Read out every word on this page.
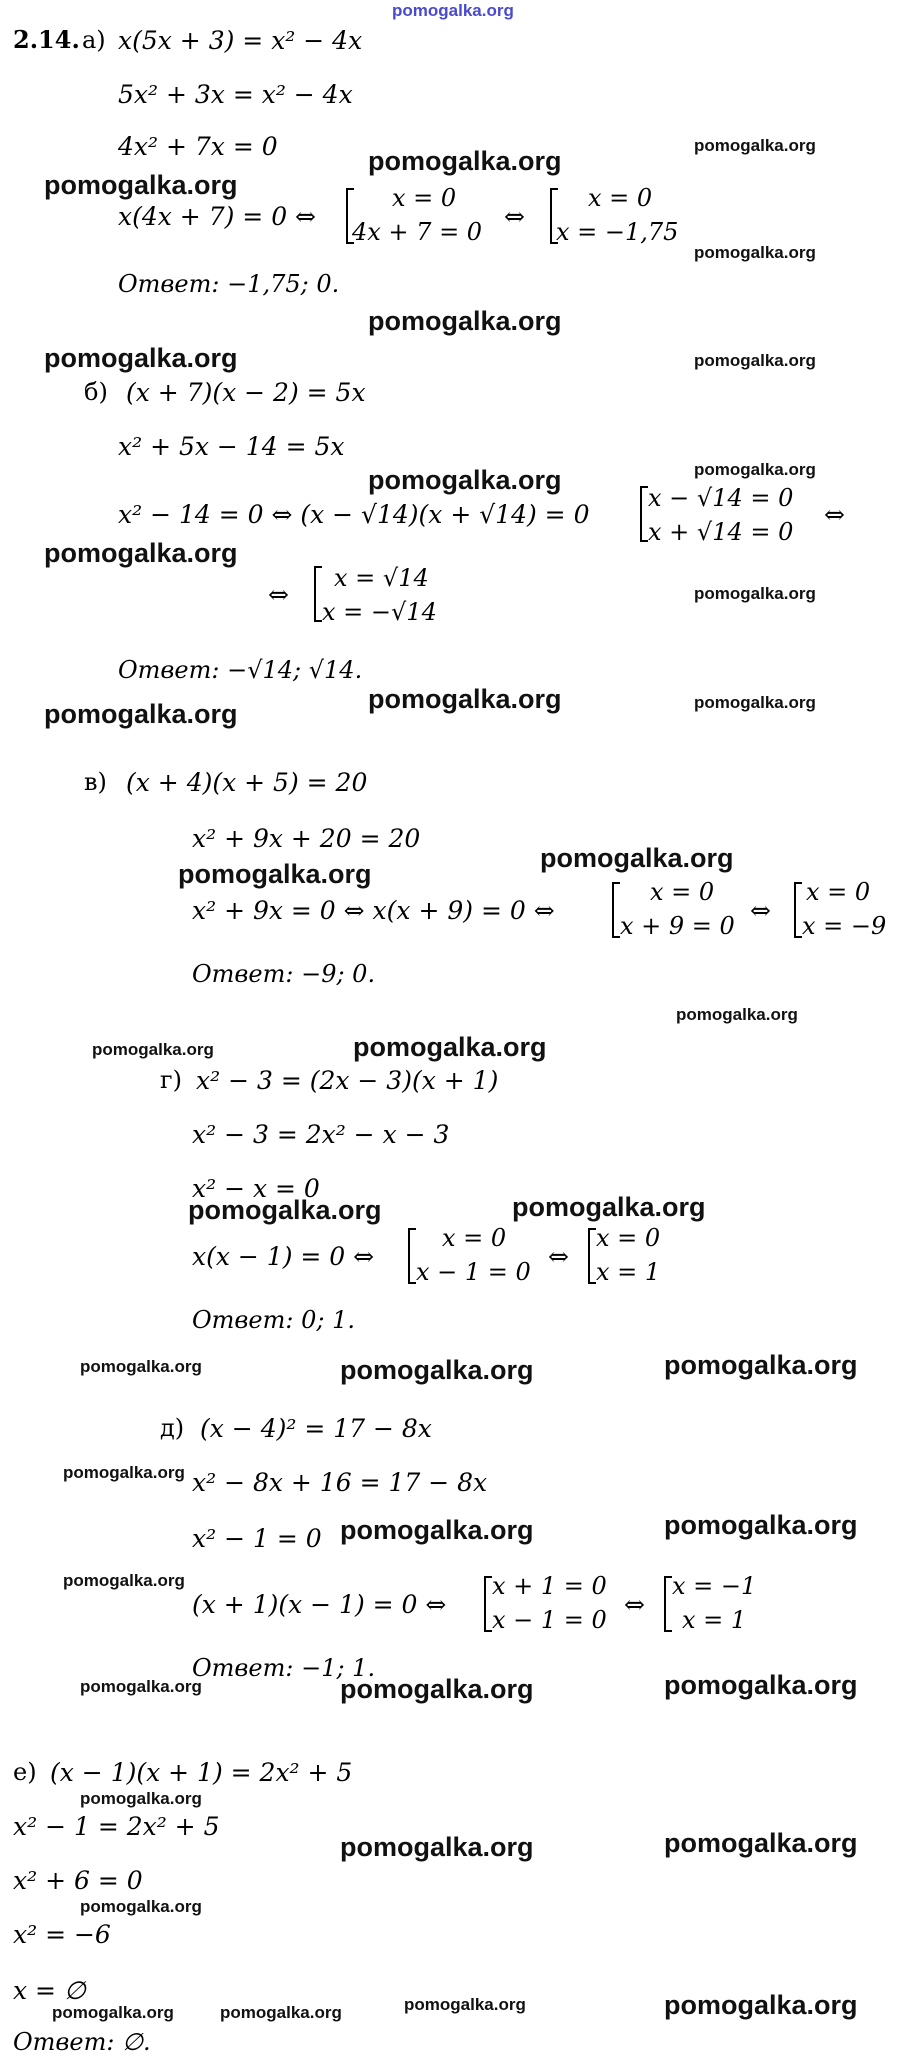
pomogalka.org
pomogalka.org
pomogalka.org
pomogalka.org
pomogalka.org
pomogalka.org
pomogalka.org	pomogalka.org
pomogalka.org	pomogalka.org
pomogalka.org
pomogalka.org
pomogalka.org
pomogalka.org	pomogalka.org
pomogalka.org
pomogalka.org
pomogalka.org
pomogalka.org
pomogalka.org
pomogalka.org	pomogalka.org
pomogalka.org	pomogalka.org	pomogalka.org
pomogalka.org
pomogalka.org	pomogalka.org
pomogalka.org
pomogalka.org	pomogalka.org	pomogalka.org
pomogalka.org
pomogalka.org	pomogalka.org
pomogalka.org
pomogalka.org	pomogalka.org	pomogalka.org	pomogalka.org
2.14. а) x(5x + 3) = x² − 4x
5x² + 3x = x² − 4x
4x² + 7x = 0
x(4x + 7) = 0 ⇔
x = 0
4x + 7 = 0
⇔
x = 0
x = −1,75
Ответ: −1,75; 0.
б) (x + 7)(x − 2) = 5x
x² + 5x − 14 = 5x
x² − 14 = 0 ⇔ (x − √14)(x + √14) = 0
x − √14 = 0
x + √14 = 0
⇔
⇔
x = √14
x = −√14
Ответ: −√14; √14.
в) (x + 4)(x + 5) = 20
x² + 9x + 20 = 20
x² + 9x = 0 ⇔ x(x + 9) = 0 ⇔
x = 0
x + 9 = 0
⇔
x = 0
x = −9
Ответ: −9; 0.
г) x² − 3 = (2x − 3)(x + 1)
x² − 3 = 2x² − x − 3
x² − x = 0
x(x − 1) = 0 ⇔
x = 0
x − 1 = 0
⇔
x = 0
x = 1
Ответ: 0; 1.
д) (x − 4)² = 17 − 8x
x² − 8x + 16 = 17 − 8x
x² − 1 = 0
(x + 1)(x − 1) = 0 ⇔
x + 1 = 0
x − 1 = 0
⇔
x = −1
x = 1
Ответ: −1; 1.
е) (x − 1)(x + 1) = 2x² + 5
x² − 1 = 2x² + 5
x² + 6 = 0
x² = −6
x = ∅
Ответ: ∅.
